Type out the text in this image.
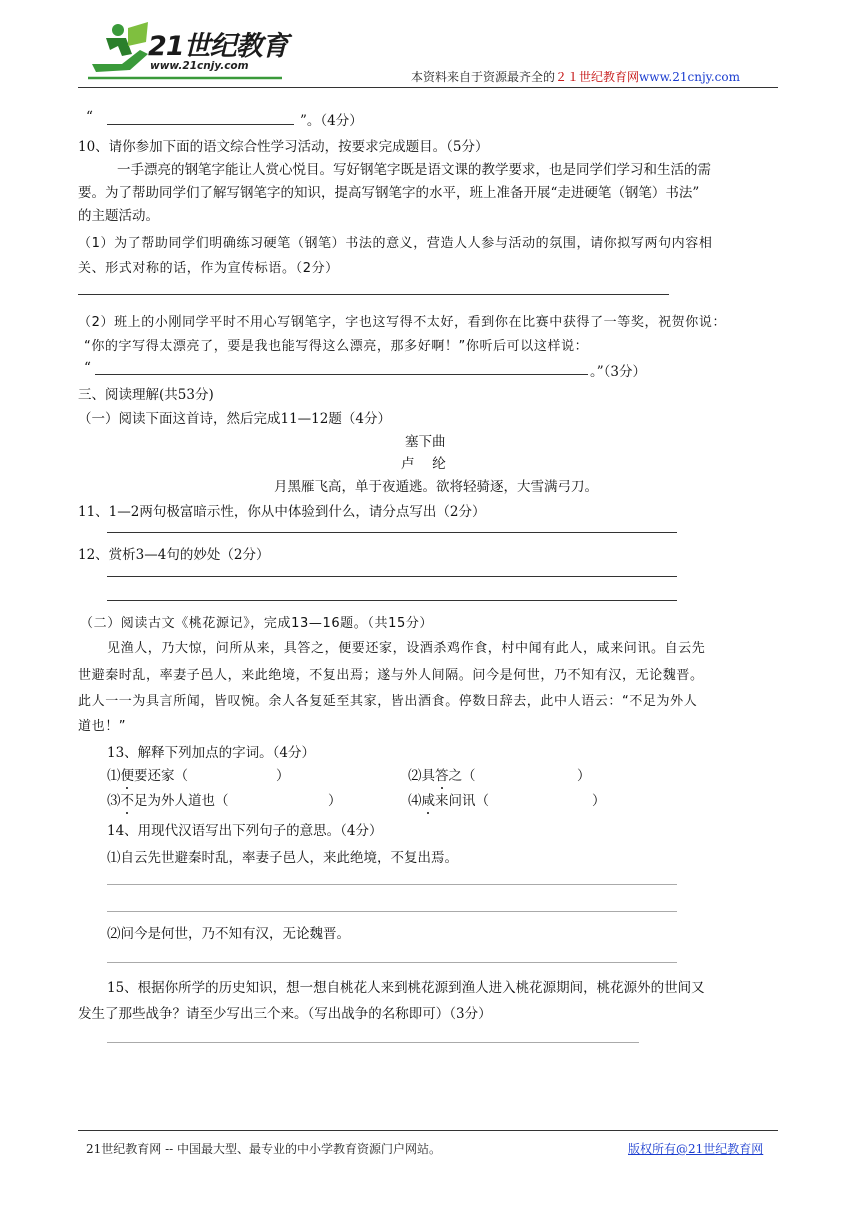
21世纪教育
www.21cnjy.com
本资料来自于资源最齐全的２１世纪教育网www.21cnjy.com
“	”。（4分）
10、请你参加下面的语文综合性学习活动，按要求完成题目。（5分）
一手漂亮的钢笔字能让人赏心悦目。写好钢笔字既是语文课的教学要求，也是同学们学习和生活的需
要。为了帮助同学们了解写钢笔字的知识，提高写钢笔字的水平，班上准备开展“走进硬笔（钢笔）书法”
的主题活动。
（1）为了帮助同学们明确练习硬笔（钢笔）书法的意义，营造人人参与活动的氛围，请你拟写两句内容相
关、形式对称的话，作为宣传标语。（2分）
（2）班上的小刚同学平时不用心写钢笔字，字也这写得不太好，看到你在比赛中获得了一等奖，祝贺你说：
“你的字写得太漂亮了，要是我也能写得这么漂亮，那多好啊！”你听后可以这样说：
“	。”（3分）
三、阅读理解(共53分)
（一）阅读下面这首诗，然后完成11—12题（4分）
塞下曲
卢　 纶
月黑雁飞高，单于夜遁逃。欲将轻骑逐，大雪满弓刀。
11、1—2两句极富暗示性，你从中体验到什么，请分点写出（2分）
12、赏析3—4句的妙处（2分）
（二）阅读古文《桃花源记》，完成13—16题。（共15分）
见渔人，乃大惊，问所从来，具答之，便要还家，设酒杀鸡作食，村中闻有此人，咸来问讯。自云先
世避秦时乱，率妻子邑人，来此绝境，不复出焉；遂与外人间隔。问今是何世，乃不知有汉，无论魏晋。
此人一一为具言所闻，皆叹惋。余人各复延至其家，皆出酒食。停数日辞去，此中人语云：“不足为外人
道也！”
13、解释下列加点的字词。（4分）
⑴便要还家（	）	⑵具答之（	）
⑶不足为外人道也（	）	⑷咸来问讯（	）
14、用现代汉语写出下列句子的意思。（4分）
⑴自云先世避秦时乱，率妻子邑人，来此绝境，不复出焉。
⑵问今是何世，乃不知有汉，无论魏晋。
15、根据你所学的历史知识，想一想自桃花人来到桃花源到渔人进入桃花源期间，桃花源外的世间又
发生了那些战争？请至少写出三个来。（写出战争的名称即可）（3分）
21世纪教育网 -- 中国最大型、最专业的中小学教育资源门户网站。	版权所有@21世纪教育网
